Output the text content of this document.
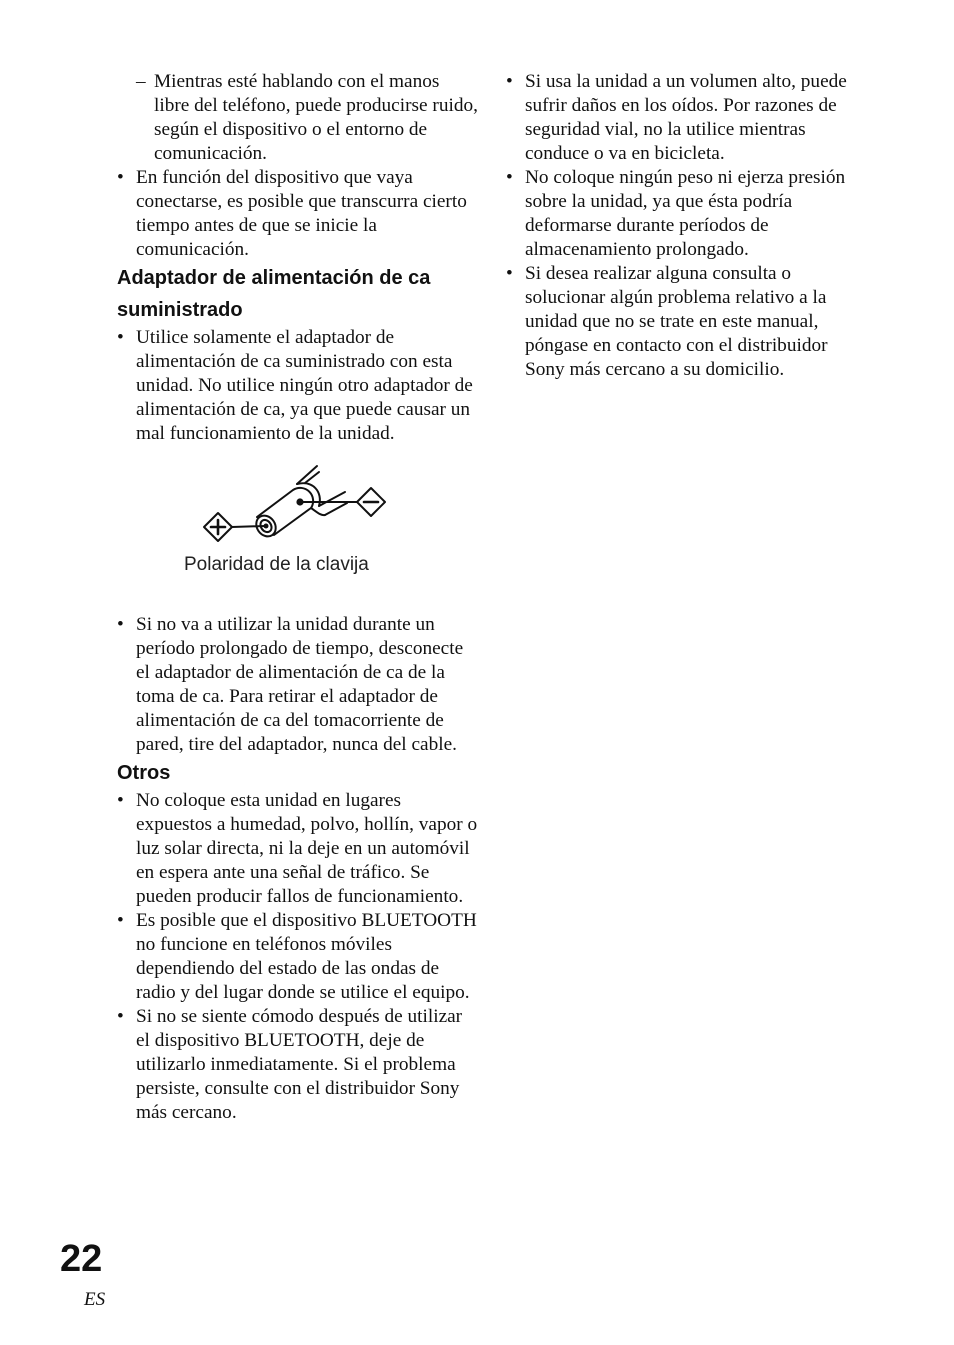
– Mientras esté hablando con el manos libre del teléfono, puede producirse ruido, según el dispositivo o el entorno de comunicación.
• En función del dispositivo que vaya conectarse, es posible que transcurra cierto tiempo antes de que se inicie la comunicación.
Adaptador de alimentación de ca suministrado
• Utilice solamente el adaptador de alimentación de ca suministrado con esta unidad. No utilice ningún otro adaptador de alimentación de ca, ya que puede causar un mal funcionamiento de la unidad.
Polaridad de la clavija
• Si no va a utilizar la unidad durante un período prolongado de tiempo, desconecte el adaptador de alimentación de ca de la toma de ca. Para retirar el adaptador de alimentación de ca del tomacorriente de pared, tire del adaptador, nunca del cable.
Otros
• No coloque esta unidad en lugares expuestos a humedad, polvo, hollín, vapor o luz solar directa, ni la deje en un automóvil en espera ante una señal de tráfico. Se pueden producir fallos de funcionamiento.
• Es posible que el dispositivo BLUETOOTH no funcione en teléfonos móviles dependiendo del estado de las ondas de radio y del lugar donde se utilice el equipo.
• Si no se siente cómodo después de utilizar el dispositivo BLUETOOTH, deje de utilizarlo inmediatamente. Si el problema persiste, consulte con el distribuidor Sony más cercano.
• Si usa la unidad a un volumen alto, puede sufrir daños en los oídos. Por razones de seguridad vial, no la utilice mientras conduce o va en bicicleta.
• No coloque ningún peso ni ejerza presión sobre la unidad, ya que ésta podría deformarse durante períodos de almacenamiento prolongado.
• Si desea realizar alguna consulta o solucionar algún problema relativo a la unidad que no se trate en este manual, póngase en contacto con el distribuidor Sony más cercano a su domicilio.
22
ES
